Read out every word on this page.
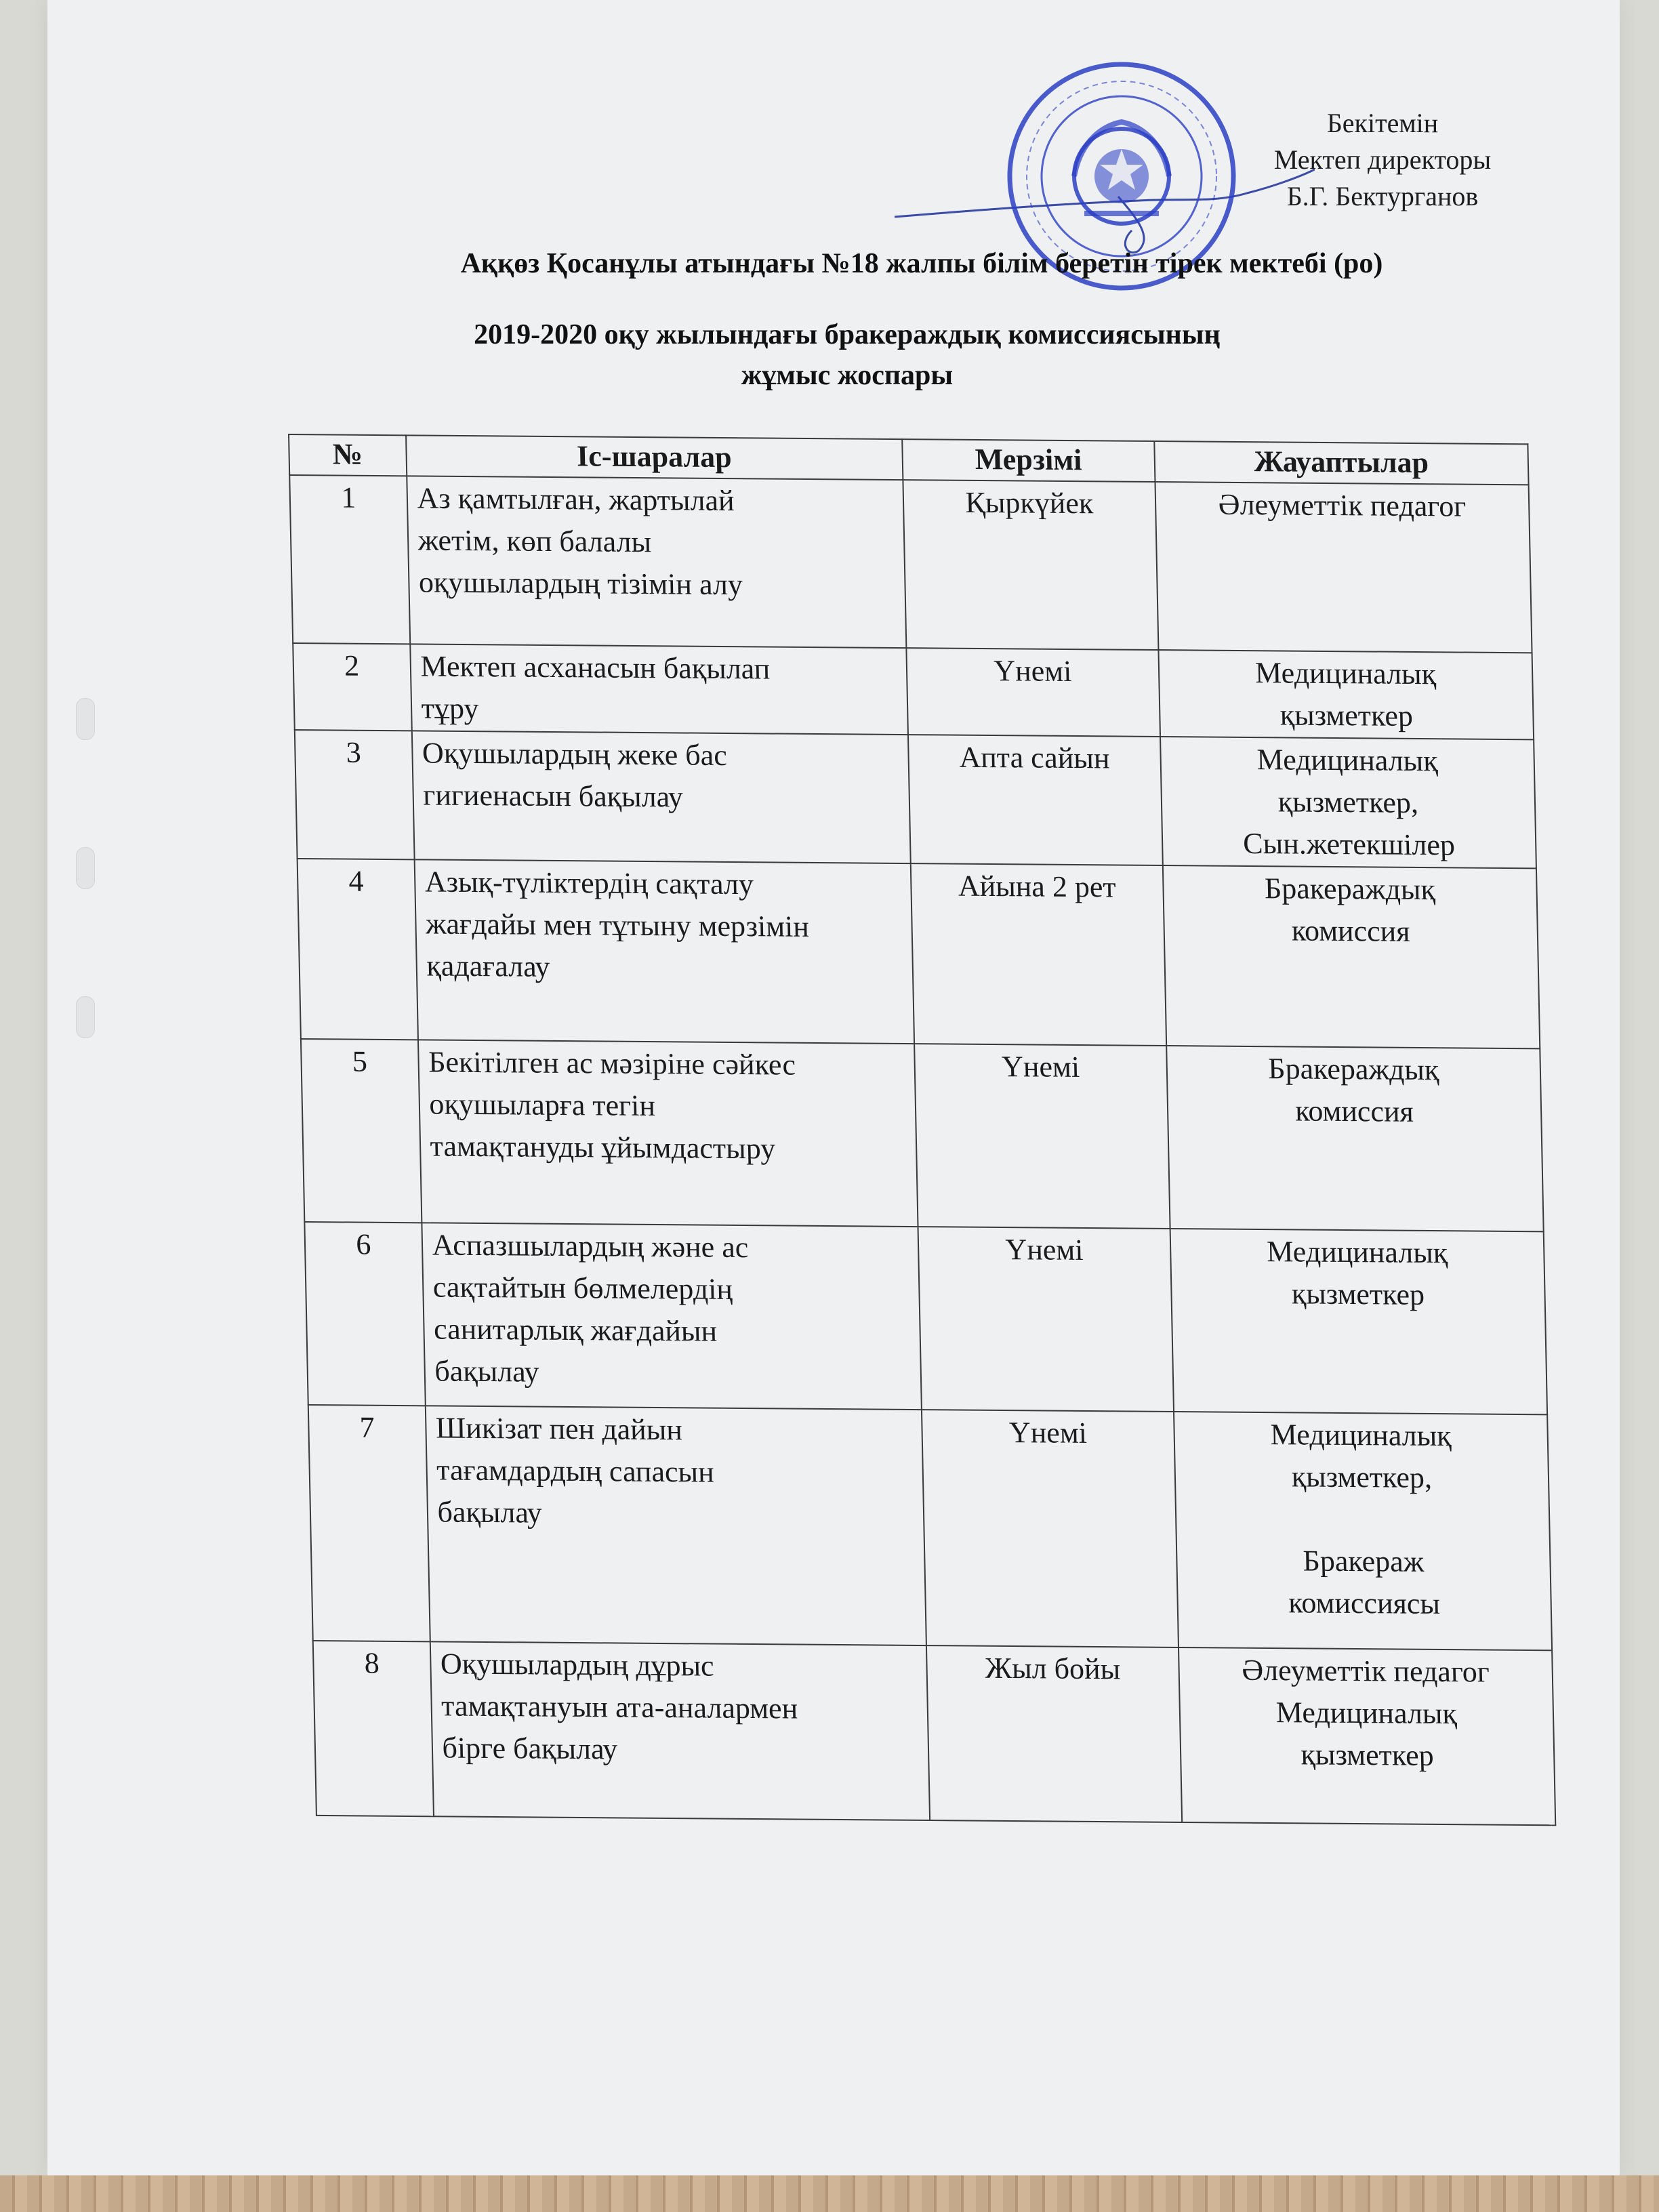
Бекітемін
Мектеп директоры
Б.Г. Бектурганов
Аққөз Қосанұлы атындағы №18 жалпы білім беретін тірек мектебі (ро)
2019-2020 оқу жылындағы бракераждық комиссиясының
жұмыс жоспары
№	Іс-шаралар	Мерзімі	Жауаптылар
1	Аз қамтылған, жартылай
жетім, көп балалы
оқушылардың тізімін алу	Қыркүйек	Әлеуметтік педагог
2	Мектеп асханасын бақылап
тұру	Үнемі	Медициналық
қызметкер
3	Оқушылардың жеке бас
гигиенасын бақылау	Апта сайын	Медициналық
қызметкер,
Сын.жетекшілер
4	Азық-түліктердің сақталу
жағдайы мен тұтыну мерзімін
қадағалау	Айына 2 рет	Бракераждық
комиссия
5	Бекітілген ас мәзіріне сәйкес
оқушыларға тегін
тамақтануды ұйымдастыру	Үнемі	Бракераждық
комиссия
6	Аспазшылардың және ас
сақтайтын бөлмелердің
санитарлық жағдайын
бақылау	Үнемі	Медициналық
қызметкер
7	Шикізат пен дайын
тағамдардың сапасын
бақылау	Үнемі	Медициналық
қызметкер,

Бракераж
комиссиясы
8	Оқушылардың дұрыс
тамақтануын ата-аналармен
бірге бақылау	Жыл бойы	Әлеуметтік педагог
Медициналық
қызметкер
